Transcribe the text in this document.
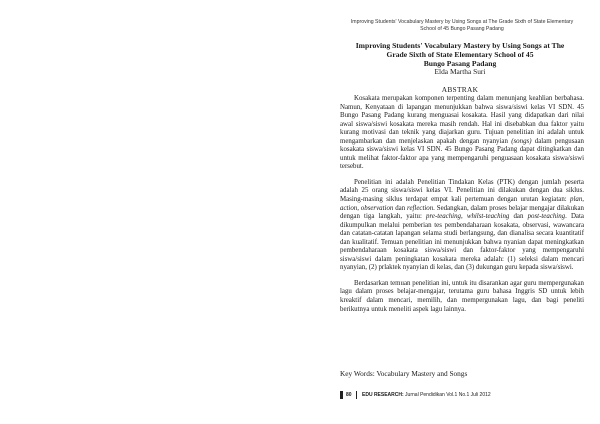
Improving Students' Vocabulary Mastery by Using Songs at The Grade Sixth of State Elementary
School of 45 Bungo Pasang Padang
Improving Students' Vocabulary Mastery by Using Songs at The
Grade Sixth of State Elementary School of 45
Bungo Pasang Padang
Elda Martha Suri
ABSTRAK

Kosakata merupakan komponen terpenting dalam menunjang keahlian berbahasa. Namun, Kenyataan di lapangan menunjukkan bahwa siswa/siswi kelas VI SDN. 45 Bungo Pasang Padang kurang menguasai kosakata. Hasil yang didapatkan dari nilai awal siswa/siswi kosakata mereka masih rendah. Hal ini disebabkan dua faktor yaitu kurang motivasi dan teknik yang diajarkan guru. Tujuan penelitian ini adalah untuk mengambarkan dan menjelaskan apakah dengan nyanyian (songs) dalam pengusaan kosakata siswa/siswi kelas VI SDN. 45 Bungo Pasang Padang dapat ditingkatkan dan untuk melihat faktor-faktor apa yang mempengaruhi penguasaan kosakata siswa/siswi tersebut.

Penelitian ini adalah Penelitian Tindakan Kelas (PTK) dengan jumlah peserta adalah 25 orang siswa/siswi kelas VI. Penelitian ini dilakukan dengan dua siklus. Masing-masing siklus terdapat empat kali pertemuan dengan urutan kegiatan: plan, action, observation dan reflection. Sedangkan, dalam proses belajar mengajar dilakukan dengan tiga langkah, yaitu: pre-teaching, whilst-teaching dan post-teaching. Data dikumpulkan melalui pemberian tes pembendaharaan kosakata, observasi, wawancara dan catatan-catatan lapangan selama studi berlangsung, dan dianalisa secara kuantitatif dan kualitatif. Temuan penelitian ini menunjukkan bahwa nyanian dapat meningkatkan pembendaharaan kosakata siswa/siswi dan faktor-faktor yang mempengaruhi siswa/siswi dalam peningkatan kosakata mereka adalah: (1) seleksi dalam mencari nyanyian, (2) prlaktek nyanyian di kelas, dan (3) dukungan guru kepada siswa/siswi.

Berdasarkan temuan penelitian ini, untuk itu disarankan agar guru mempergunakan lagu dalam proses belajar-mengajar, terutama guru bahasa Inggris SD untuk lebih kreaktif dalam mencari, memilih, dan mempergunakan lagu, dan bagi peneliti berikutnya untuk meneliti aspek lagu lainnya.

Key Words: Vocabulary Mastery and Songs
80 EDU RESEARCH: Jurnal Pendidikan Vol.1 No.1 Juli 2012
